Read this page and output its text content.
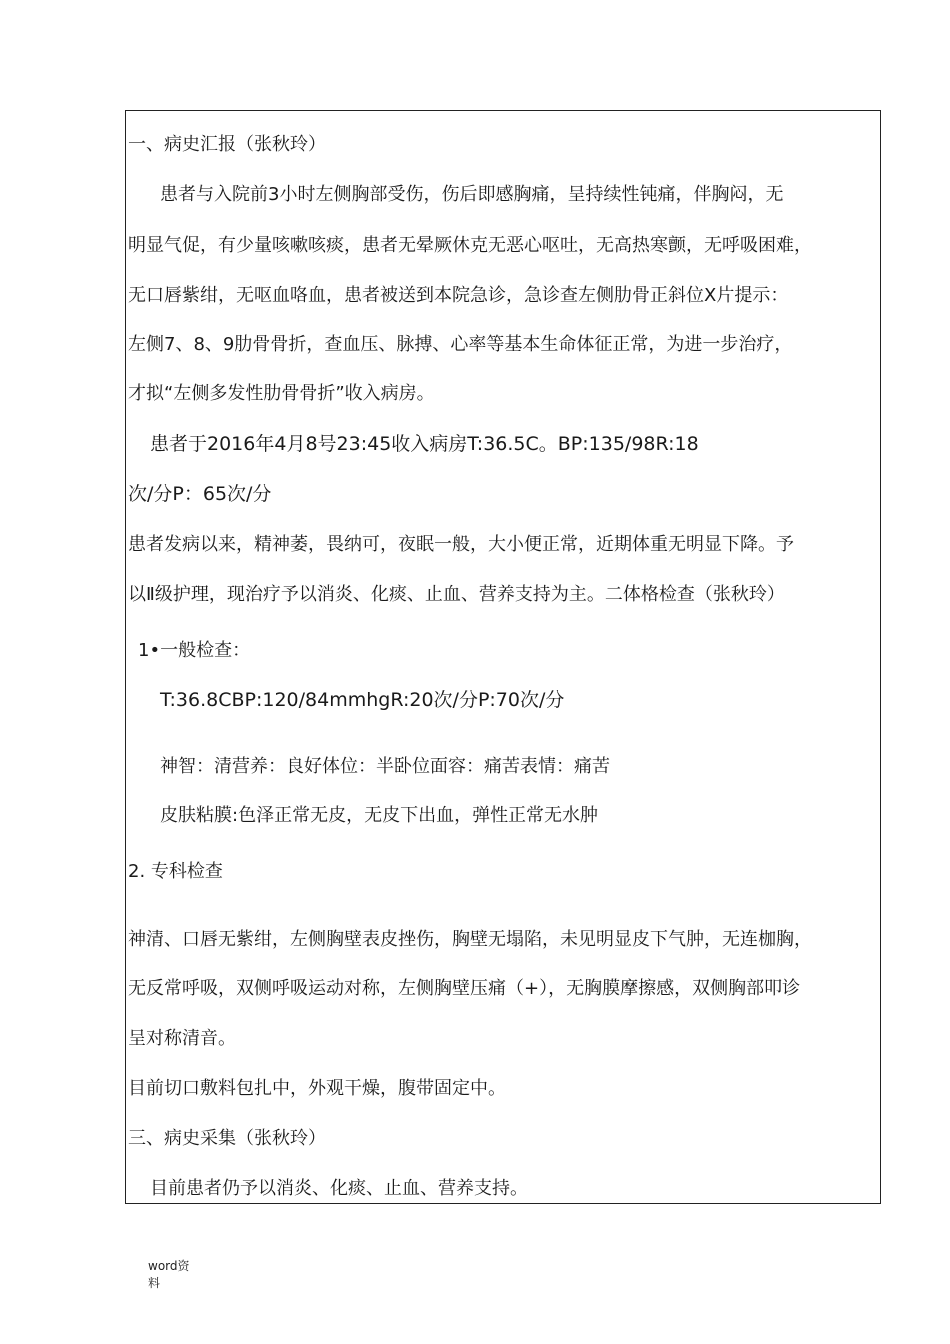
一、病史汇报（张秋玲）
患者与入院前3小时左侧胸部受伤，伤后即感胸痛，呈持续性钝痛，伴胸闷，无
明显气促，有少量咳嗽咳痰，患者无晕厥休克无恶心呕吐，无高热寒颤，无呼吸困难，
无口唇紫绀，无呕血咯血，患者被送到本院急诊，急诊查左侧肋骨正斜位X片提示：
左侧7、8、9肋骨骨折，查血压、脉搏、心率等基本生命体征正常，为进一步治疗，
才拟“左侧多发性肋骨骨折”收入病房。
患者于2016年4月8号23:45收入病房T:36.5C。BP:135/98R:18
次/分P：65次/分
患者发病以来，精神萎，畏纳可，夜眠一般，大小便正常，近期体重无明显下降。予
以Ⅱ级护理，现治疗予以消炎、化痰、止血、营养支持为主。二体格检查（张秋玲）
1•一般检查：
T:36.8CBP:120/84mmhgR:20次/分P:70次/分
神智：清营养：良好体位：半卧位面容：痛苦表情：痛苦
皮肤粘膜:色泽正常无皮，无皮下出血，弹性正常无水肿
2. 专科检查
神清、口唇无紫绀，左侧胸壁表皮挫伤，胸壁无塌陷，未见明显皮下气肿，无连枷胸，
无反常呼吸，双侧呼吸运动对称，左侧胸壁压痛（+），无胸膜摩擦感，双侧胸部叩诊
呈对称清音。
目前切口敷料包扎中，外观干燥，腹带固定中。
三、病史采集（张秋玲）
目前患者仍予以消炎、化痰、止血、营养支持。
word资
料
